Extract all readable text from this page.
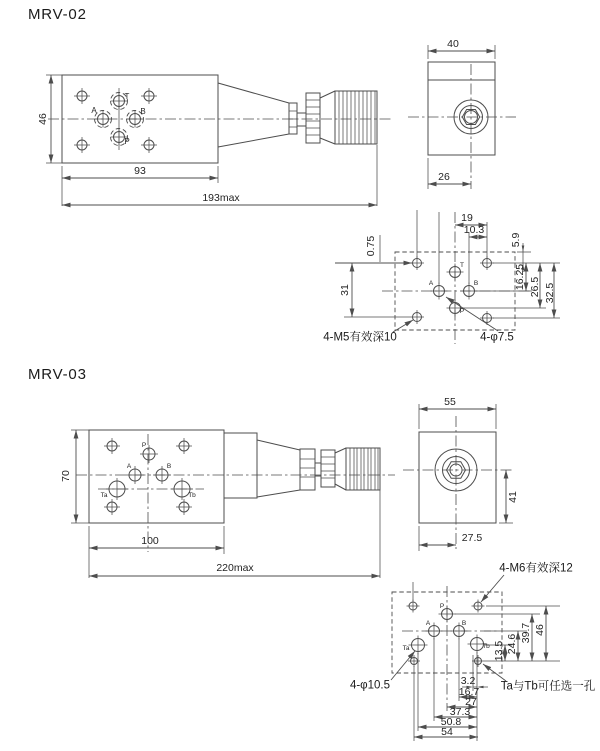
MRV-02
MRV-03
46
93
193max
T
A	B
P
40
26
19
10.3
0.75	5.9
16.25 26.5 32.5
31
T
A	B
P
4-M5有效深10	4-φ7.5
70
100
220max
P
A	B
Ta	Tb
55
41
27.5
4-M6有效深12
13.5 24.6
39.7 46
3.2
16.7
27
37.3
50.8
54
P
A	B
Ta	Tb
4-φ10.5	Ta与Tb可任选一孔
